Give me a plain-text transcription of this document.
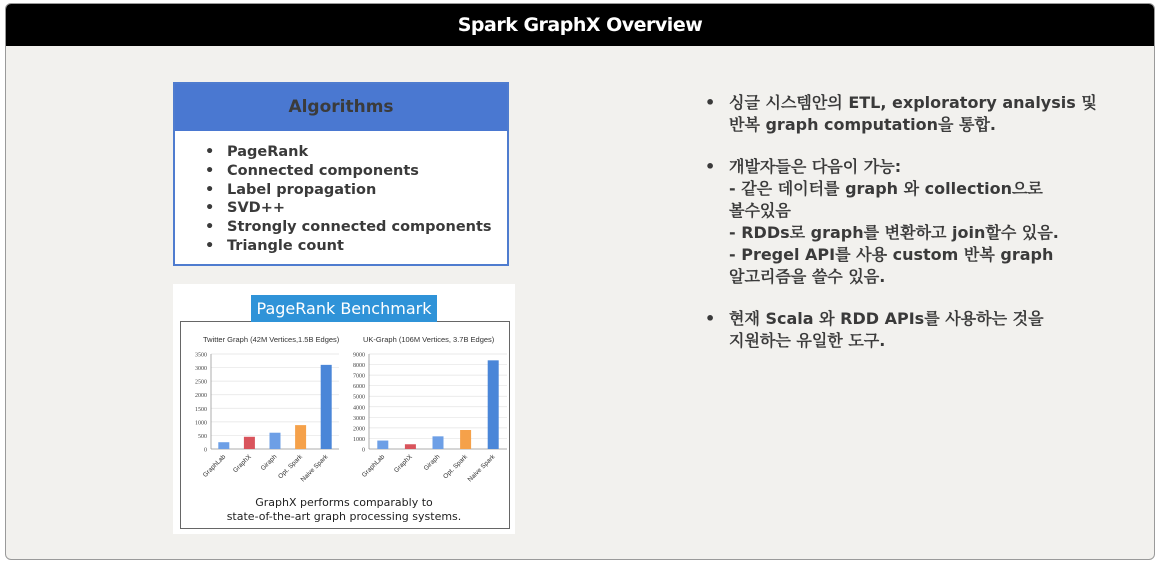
Spark GraphX Overview
Algorithms
• PageRank
• Connected components
• Label propagation
• SVD++
• Strongly connected components
• Triangle count
Twitter Graph (42M Vertices,1.5B Edges)
3500
3000
2500
2000
1500
1000
500
0
GraphLab GraphX Giraph
Opt. Spark
Naive Spark
UK-Graph (106M Vertices, 3.7B Edges)
9000
8000
7000
6000
5000
4000
3000
2000
1000
0
GraphLab GraphX Giraph Opt. Spark
Naive Spark
PageRank Benchmark
GraphX performs comparably to
state-of-the-art graph processing systems.
• 싱글 시스템안의 ETL, exploratory analysis 및
반복 graph computation을 통합.
• 개발자들은 다음이 가능:
- 같은 데이터를 graph 와 collection으로
볼수있음
- RDDs로 graph를 변환하고 join할수 있음.
- Pregel API를 사용 custom 반복 graph
알고리즘을 쓸수 있음.
• 현재 Scala 와 RDD APIs를 사용하는 것을
지원하는 유일한 도구.
